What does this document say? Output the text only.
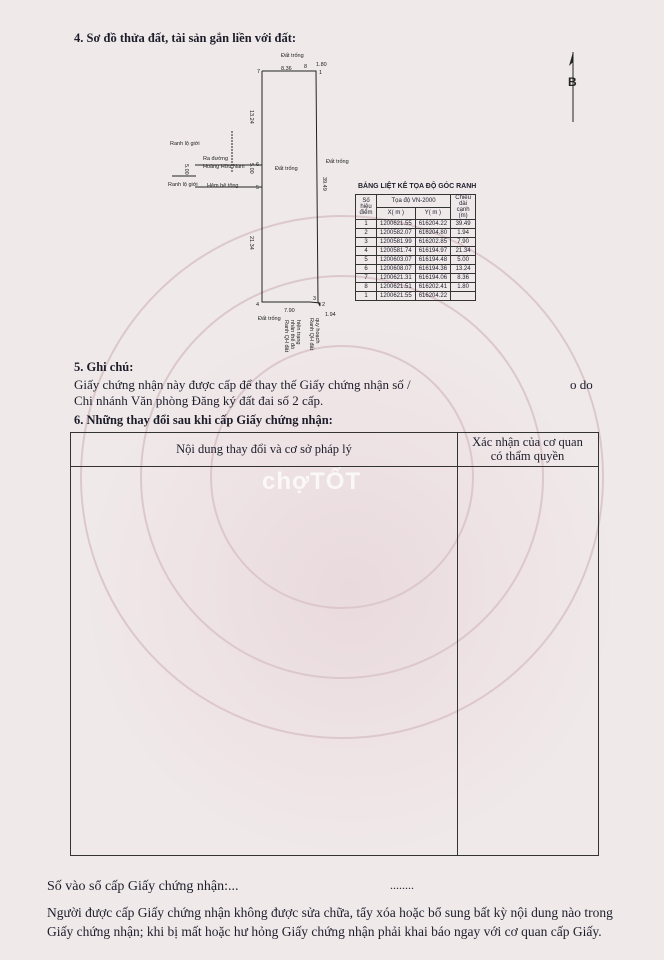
4. Sơ đồ thửa đất, tài sản gắn liền với đất:
Đất trống
8.36
1.80
7
8
1
6
5
4	2
3
13.24
5.00
5.00
39.49
21.34
7.90
1.94
Ranh lộ giới
Ranh lộ giới
Ra đường
Hoàng Hữu Nam
Hẻm bê tông
Đất trống
Đất trống
Đất trống
Ranh QH đất nhân thể đó hiện trạng Ranh QH đất quy hoạch
B
BẢNG LIỆT KÊ TỌA ĐỘ GÓC RANH
Số hiệu điểm	Tọa độ VN-2000		Chiều dài cạnh (m)
	X( m )	Y( m )	
1	1200621.55	616204.22	39.49
2	1200582.07	616204.80	1.94
3	1200581.99	616202.85	7.90
4	1200581.74	616194.97	21.34
5	1200603.07	616194.48	5.00
6	1200608.07	616194.36	13.24
7	1200621.31	616194.06	8.36
8	1200621.51	616202.41	1.80
1	1200621.55	616204.22	
5. Ghi chú:
Giấy chứng nhận này được cấp để thay thế Giấy chứng nhận số /	o do
Chi nhánh Văn phòng Đăng ký đất đai số 2 cấp.
6. Những thay đổi sau khi cấp Giấy chứng nhận:
Nội dung thay đổi và cơ sở pháp lý	Xác nhận của cơ quan
có thẩm quyền
chợTỐT
Số vào sổ cấp Giấy chứng nhận:...	........
Người được cấp Giấy chứng nhận không được sửa chữa, tẩy xóa hoặc bổ sung bất kỳ nội dung nào trong
Giấy chứng nhận; khi bị mất hoặc hư hỏng Giấy chứng nhận phải khai báo ngay với cơ quan cấp Giấy.
